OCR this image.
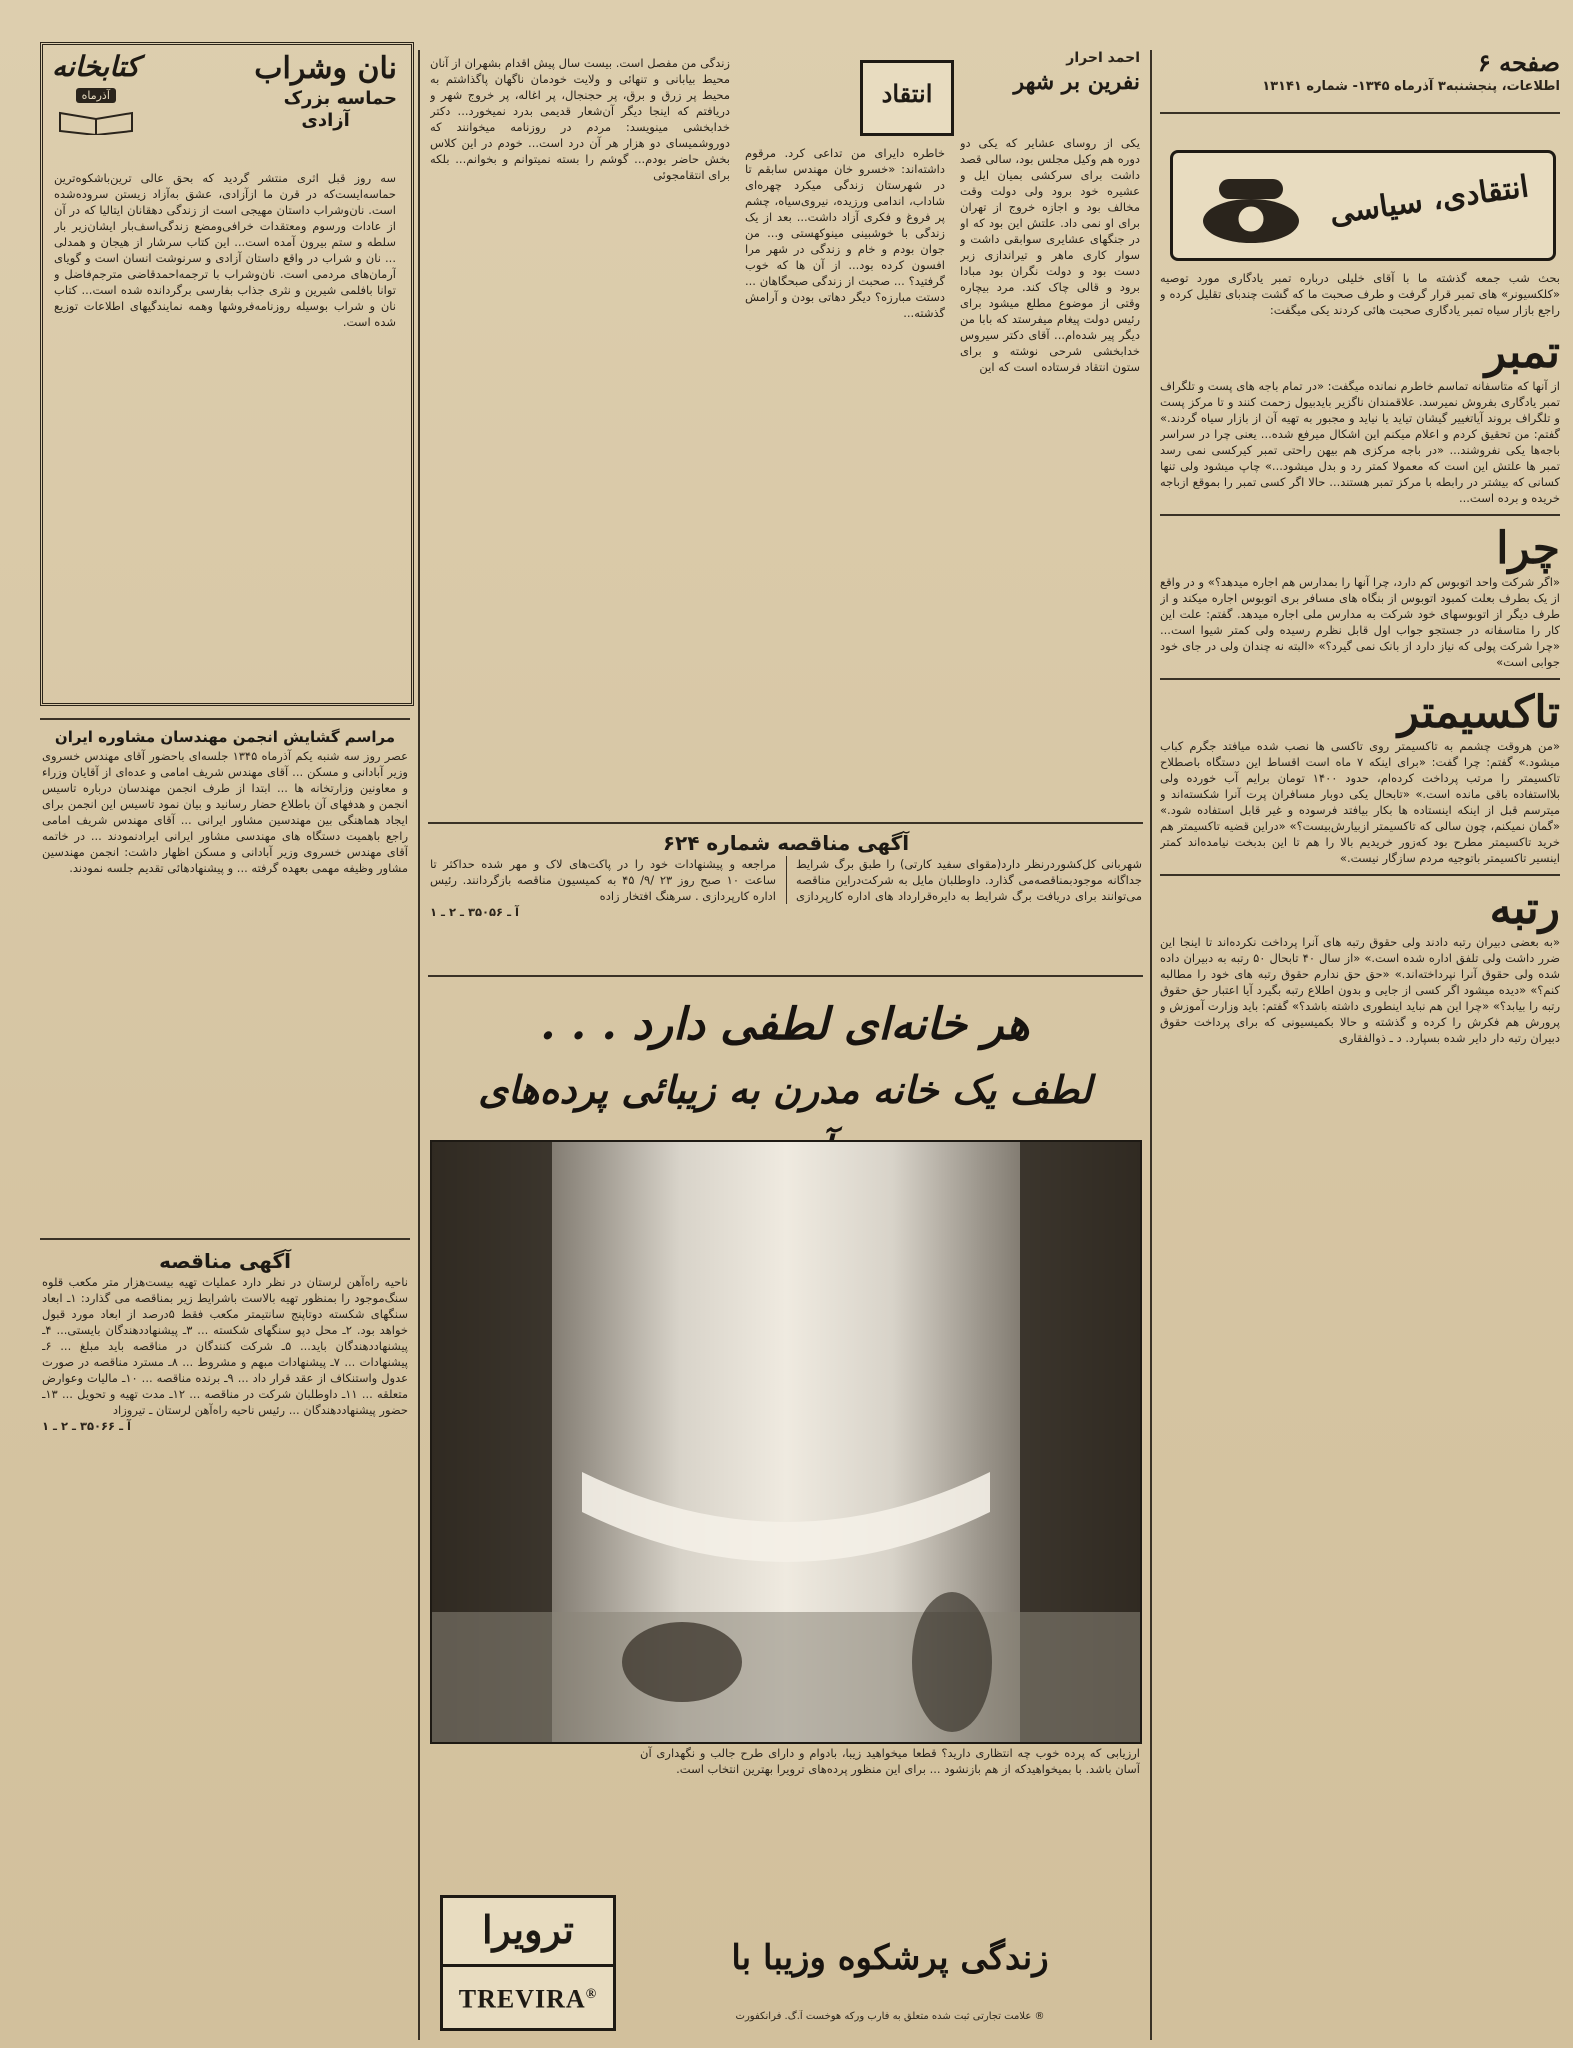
صفحه ۶
اطلاعات، پنجشنبه۳ آذرماه ۱۳۴۵- شماره ۱۳۱۴۱
انتقادی، سیاسی

بحث شب جمعه گذشته ما با آقای خلیلی درباره تمبر یادگاری مورد توصیه «کلکسیونر» های تمبر قرار گرفت و طرف صحبت ما که گشت چندبای تقلیل کرده و راجع بازار سیاه تمبر یادگاری صحبت هائی کردند یکی میگفت:

تمبر

از آنها که متاسفانه تماسم خاطرم نمانده میگفت: «در تمام باجه های پست و تلگراف تمبر یادگاری بفروش نمیرسد. علاقمندان ناگزیر بایدبیول زحمت کنند و تا مرکز پست و تلگراف بروند آیاتغییر گیشان تیاید یا نیاید و مجبور به تهیه آن از بازار سیاه گردند.» گفتم: من تحقیق کردم و اعلام میکنم این اشکال میرفع شده... یعنی چرا در سراسر باجه‌ها یکی نفروشند... «در باجه مرکزی هم بیهن راحتی تمبر کیرکسی نمی رسد تمبر ها علتش این است که معمولا کمتر رد و بدل میشود...» چاپ میشود ولی تنها کسانی که بیشتر در رابطه با مرکز تمبر هستند... حالا اگر کسی تمبر را بموقع ازباجه خریده و برده است...

چرا

«اگر شرکت واحد اتوبوس کم دارد، چرا آنها را بمدارس هم اجاره میدهد؟» و در واقع از یک بطرف بعلت کمبود اتوبوس از بنگاه های مسافر بری اتوبوس اجاره میکند و از طرف دیگر از اتوبوسهای خود شرکت به مدارس ملی اجاره میدهد. گفتم: علت این کار را متاسفانه در جستجو جواب اول قابل نظرم رسیده ولی کمتر شیوا است... «چرا شرکت پولی که نیاز دارد از بانک نمی گیرد؟» «البته نه چندان ولی در جای خود جوابی است»

تاکسیمتر

«من هروقت چشمم به تاکسیمتر روی تاکسی ها نصب شده میافتد جگرم کباب میشود.» گفتم: چرا گفت: «برای اینکه ۷ ماه است اقساط این دستگاه باصطلاح تاکسیمتر را مرتب پرداخت کرده‌ام، حدود ۱۴۰۰ تومان برایم آب خورده ولی بلااستفاده باقی مانده است.» «تابحال یکی دوبار مسافران پرت آنرا شکسته‌اند و میترسم قبل از اینکه اینستاده ها بکار بیافتد فرسوده و غیر قابل استفاده شود.» «گمان نمیکنم، چون سالی که تاکسیمتر ازبیارش‌بیست؟» «دراین قضیه تاکسیمتر هم خرید تاکسیمتر مطرح بود که‌زور خریدیم بالا را هم تا این بدبخت نیامده‌اند کمتر اینسیر تاکسیمتر باتوجیه مردم سازگار نیست.»

رتبه

«به بعضی دبیران رتبه دادند ولی حقوق رتبه های آنرا پرداخت نکرده‌اند تا اینجا این ضرر داشت ولی تلفق اداره شده است.» «از سال ۴۰ تابحال ۵۰ رتبه به دبیران داده شده ولی حقوق آنرا نپرداخته‌اند.» «حق حق ندارم حقوق رتبه های خود را مطالبه کنم؟» «دیده میشود اگر کسی از جایی و بدون اطلاع رتبه بگیرد آیا اعتبار حق حقوق رتبه را بیابد؟» «چرا این هم نباید اینطوری داشته باشد؟» گفتم: باید وزارت آموزش و پرورش هم فکرش را کرده و گذشته و حالا بکمیسیونی که برای پرداخت حقوق دبیران رتبه دار دایر شده بسپارد. د ـ ذوالفقاری

احمد احرار
نفرین بر شهر
انتقاد

یکی از روسای عشایر که یکی دو دوره هم وکیل مجلس بود، سالی قصد داشت برای سرکشی بمیان ایل و عشیره خود برود ولی دولت وقت مخالف بود و اجازه خروج از تهران برای او نمی داد. علتش این بود که او در جنگهای عشایری سوابقی داشت و سوار کاری ماهر و تیراندازی زبر دست بود و دولت نگران بود مبادا برود و قالی چاک کند. مرد بیچاره وقتی از موضوع مطلع میشود برای رئیس دولت پیغام میفرستد که بابا من دیگر پیر شده‌ام... آقای دکتر سیروس خدابخشی شرحی نوشته و برای ستون انتقاد فرستاده است که این

خاطره دایرای من تداعی کرد. مرقوم داشته‌اند: «خسرو خان مهندس سابقم تا در شهرستان زندگی میکرد چهره‌ای شاداب، اندامی ورزیده، نیروی‌سیاه، چشم پر فروغ و فکری آزاد داشت... بعد از یک زندگی با خوشبینی مینوکهستی و... من جوان بودم و خام و زندگی در شهر مرا افسون کرده بود... از آن ها که خوب گرفتید؟ ... صحبت از زندگی صبحگاهان ... دستت مبارزه؟ دیگر دهاتی بودن و آرامش گذشته...

زندگی من مفصل است. بیست سال پیش اقدام بشهران از آنان محیط بیابانی و تنهائی و ولایت خودمان ناگهان پاگذاشتم به محیط پر زرق و برق، پر حجنجال، پر اغاله، پر خروج شهر و دریافتم که اینجا دیگر آن‌شعار قدیمی بدرد نمیخورد... دکتر خدابخشی مینویسد: مردم در روزنامه میخوانند که دوروشمیسای دو هزار هر آن درد است... خودم در این کلاس بخش حاضر بودم... گوشم را بسته نمیتوانم و بخوانم... بلکه برای انتقامجوئی

نان وشراب
حماسه بزرک
آزادی
کتابخانه
آذرماه

سه روز قبل اثری منتشر گردید که بحق عالی ترین‌باشکوه‌ترین حماسه‌ایست‌که در قرن ما ازآزادی، عشق به‌آزاد زیستن سروده‌شده است. نان‌وشراب داستان مهیجی است از زندگی دهقانان ایتالیا که در آن از عادات ورسوم ومعتقدات خرافی‌ومضع زندگی‌اسف‌بار ایشان‌زیر بار سلطه و ستم بیرون آمده است... این کتاب سرشار از هیجان و همدلی ... نان و شراب در واقع داستان آزادی و سرنوشت انسان است و گویای آرمان‌های مردمی است. نان‌وشراب با ترجمه‌احمد‌قاضی مترجم‌فاضل و توانا بافلمی شیرین و نثری جذاب بفارسی برگردانده شده است... کتاب نان و شراب بوسیله روزنامه‌فروشها وهمه نمایندگیهای اطلاعات توزیع شده است.

مراسم گشایش انجمن مهندسان مشاوره ایران

عصر روز سه شنبه یکم آذرماه ۱۳۴۵ جلسه‌ای باحضور آقای مهندس خسروی وزیر آبادانی و مسکن ... آقای مهندس شریف امامی و عده‌ای از آقایان وزراء و معاونین وزارتخانه ها ... ابتدا از طرف انجمن مهندسان درباره تاسیس انجمن و هدفهای آن باطلاع حضار رسانید و بیان نمود تاسیس این انجمن برای ایجاد هماهنگی بین مهندسین مشاور ایرانی ... آقای مهندس شریف امامی راجع باهمیت دستگاه های مهندسی مشاور ایرانی ایرادنمودند ... در خاتمه آقای مهندس خسروی وزیر آبادانی و مسکن اظهار داشت: انجمن مهندسین مشاور وظیفه مهمی بعهده گرفته ... و پیشنهادهائی تقدیم جلسه نمودند.

آگهی مناقصه

ناحیه راه‌آهن لرستان در نظر دارد عملیات تهیه بیست‌هزار متر مکعب قلوه سنگ‌موجود را بمنظور تهیه بالاست باشرایط زیر بمناقصه می گذارد: ۱ـ ابعاد سنگهای شکسته دوتا‌پنج سانتیمتر مکعب فقط ۵درصد از ابعاد مورد قبول خواهد بود. ۲ـ محل دپو سنگهای شکسته ... ۳ـ پیشنهاددهندگان بایستی... ۴ـ پیشنهاددهندگان باید... ۵ـ شرکت کنندگان در مناقصه باید مبلغ ... ۶ـ پیشنهادات ... ۷ـ پیشنهادات مبهم و مشروط ... ۸ـ مسترد مناقصه در صورت عدول واستنکاف از عقد قرار داد ... ۹ـ برنده مناقصه ... ۱۰ـ مالیات وعوارض متعلقه ... ۱۱ـ داوطلبان شرکت در مناقصه ... ۱۲ـ مدت تهیه و تحویل ... ۱۳ـ حضور پیشنهاددهندگان ... رئیس ناحیه راه‌آهن لرستان ـ تیروزاد

آ ـ ۳۵۰۶۶ ـ ۲ ـ ۱
آگهی مناقصه شماره ۶۲۴

شهربانی کل‌کشور‌درنظر دارد(مقوای سفید کارتی) را طبق برگ شرایط جداگانه موجودبمناقصه‌می گذارد. داوطلبان مایل به شرکت‌دراین مناقصه می‌توانند برای دریافت برگ شرایط به دایره‌قرارداد های اداره کارپردازی مراجعه و پیشنهادات خود را در پاکت‌های لاک و مهر شده حداکثر تا ساعت ۱۰ صبح روز ۲۳ /۹/ ۴۵ به کمیسیون مناقصه بازگردانند. رئیس اداره کارپردازی . سرهنگ افتخار زاده

آ ـ ۳۵۰۵۶ ـ ۲ ـ ۱
هر خانه‌ای لطفی دارد . . .
لطف یک خانه مدرن به زیبائی پرده‌های

ارزیابی که پرده خوب چه انتظاری دارید؟ قطعا میخواهید زیبا، بادوام و دارای طرح جالب و نگهداری آن آسان باشد. با بمیخواهیدکه از هم بازنشود ... برای این منظور پرده‌های ترویرا بهترین انتخاب است.

زندگی پرشکوه وزیبا با
ترویرا
TREVIRA®
® علامت تجارتی ثبت شده متعلق به فارب ورکه هوخست آ.گ. فرانکفورت
